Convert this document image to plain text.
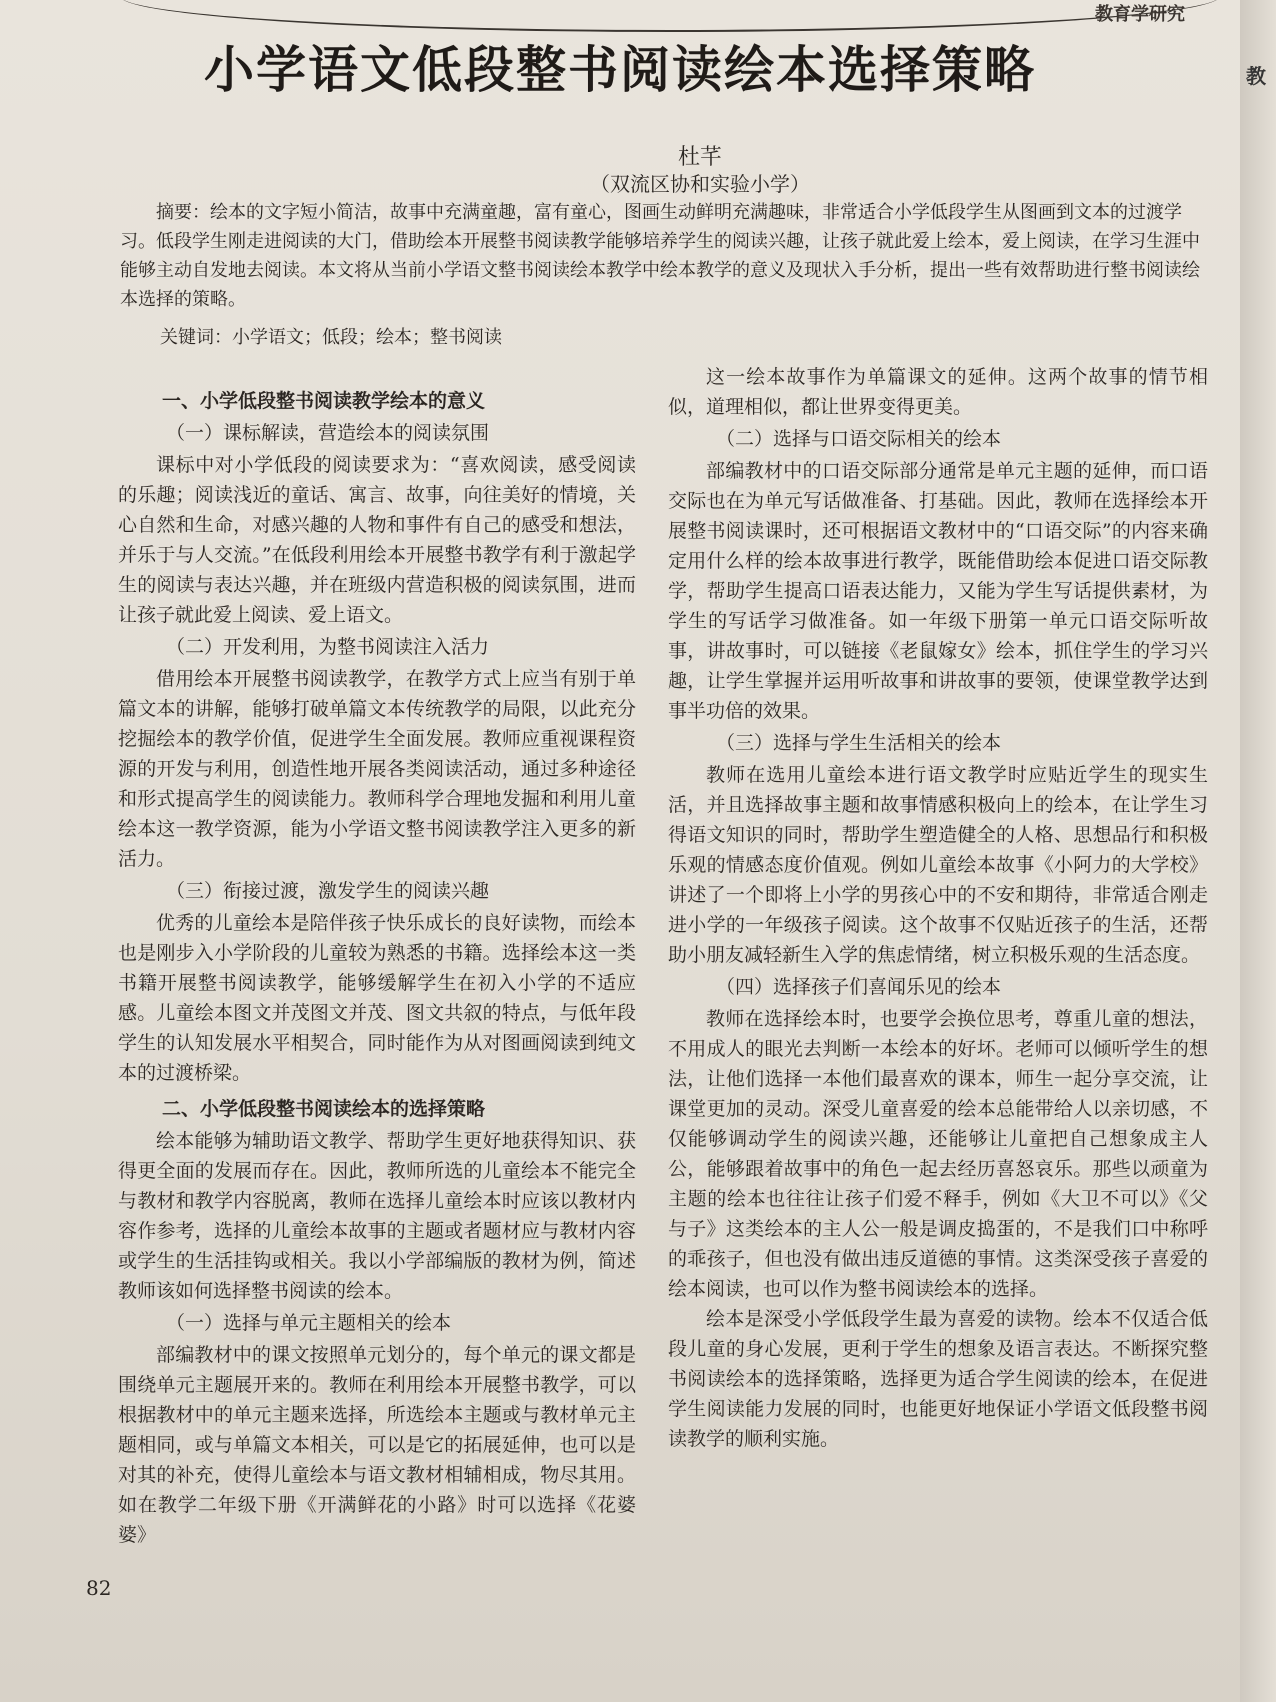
教育学研究
小学语文低段整书阅读绘本选择策略
杜芊
（双流区协和实验小学）
摘要：绘本的文字短小简洁，故事中充满童趣，富有童心，图画生动鲜明充满趣味，非常适合小学低段学生从图画到文本的过渡学习。低段学生刚走进阅读的大门，借助绘本开展整书阅读教学能够培养学生的阅读兴趣，让孩子就此爱上绘本，爱上阅读，在学习生涯中能够主动自发地去阅读。本文将从当前小学语文整书阅读绘本教学中绘本教学的意义及现状入手分析，提出一些有效帮助进行整书阅读绘本选择的策略。
关键词：小学语文；低段；绘本；整书阅读
一、小学低段整书阅读教学绘本的意义
（一）课标解读，营造绘本的阅读氛围

课标中对小学低段的阅读要求为：“喜欢阅读，感受阅读的乐趣；阅读浅近的童话、寓言、故事，向往美好的情境，关心自然和生命，对感兴趣的人物和事件有自己的感受和想法，并乐于与人交流。”在低段利用绘本开展整书教学有利于激起学生的阅读与表达兴趣，并在班级内营造积极的阅读氛围，进而让孩子就此爱上阅读、爱上语文。

（二）开发利用，为整书阅读注入活力

借用绘本开展整书阅读教学，在教学方式上应当有别于单篇文本的讲解，能够打破单篇文本传统教学的局限，以此充分挖掘绘本的教学价值，促进学生全面发展。教师应重视课程资源的开发与利用，创造性地开展各类阅读活动，通过多种途径和形式提高学生的阅读能力。教师科学合理地发掘和利用儿童绘本这一教学资源，能为小学语文整书阅读教学注入更多的新活力。

（三）衔接过渡，激发学生的阅读兴趣

优秀的儿童绘本是陪伴孩子快乐成长的良好读物，而绘本也是刚步入小学阶段的儿童较为熟悉的书籍。选择绘本这一类书籍开展整书阅读教学，能够缓解学生在初入小学的不适应感。儿童绘本图文并茂图文并茂、图文共叙的特点，与低年段学生的认知发展水平相契合，同时能作为从对图画阅读到纯文本的过渡桥梁。

二、小学低段整书阅读绘本的选择策略

绘本能够为辅助语文教学、帮助学生更好地获得知识、获得更全面的发展而存在。因此，教师所选的儿童绘本不能完全与教材和教学内容脱离，教师在选择儿童绘本时应该以教材内容作参考，选择的儿童绘本故事的主题或者题材应与教材内容或学生的生活挂钩或相关。我以小学部编版的教材为例，简述教师该如何选择整书阅读的绘本。

（一）选择与单元主题相关的绘本

部编教材中的课文按照单元划分的，每个单元的课文都是围绕单元主题展开来的。教师在利用绘本开展整书教学，可以根据教材中的单元主题来选择，所选绘本主题或与教材单元主题相同，或与单篇文本相关，可以是它的拓展延伸，也可以是对其的补充，使得儿童绘本与语文教材相辅相成，物尽其用。如在教学二年级下册《开满鲜花的小路》时可以选择《花婆婆》

这一绘本故事作为单篇课文的延伸。这两个故事的情节相似，道理相似，都让世界变得更美。

（二）选择与口语交际相关的绘本

部编教材中的口语交际部分通常是单元主题的延伸，而口语交际也在为单元写话做准备、打基础。因此，教师在选择绘本开展整书阅读课时，还可根据语文教材中的“口语交际”的内容来确定用什么样的绘本故事进行教学，既能借助绘本促进口语交际教学，帮助学生提高口语表达能力，又能为学生写话提供素材，为学生的写话学习做准备。如一年级下册第一单元口语交际听故事，讲故事时，可以链接《老鼠嫁女》绘本，抓住学生的学习兴趣，让学生掌握并运用听故事和讲故事的要领，使课堂教学达到事半功倍的效果。

（三）选择与学生生活相关的绘本

教师在选用儿童绘本进行语文教学时应贴近学生的现实生活，并且选择故事主题和故事情感积极向上的绘本，在让学生习得语文知识的同时，帮助学生塑造健全的人格、思想品行和积极乐观的情感态度价值观。例如儿童绘本故事《小阿力的大学校》讲述了一个即将上小学的男孩心中的不安和期待，非常适合刚走进小学的一年级孩子阅读。这个故事不仅贴近孩子的生活，还帮助小朋友减轻新生入学的焦虑情绪，树立积极乐观的生活态度。

（四）选择孩子们喜闻乐见的绘本

教师在选择绘本时，也要学会换位思考，尊重儿童的想法，不用成人的眼光去判断一本绘本的好坏。老师可以倾听学生的想法，让他们选择一本他们最喜欢的课本，师生一起分享交流，让课堂更加的灵动。深受儿童喜爱的绘本总能带给人以亲切感，不仅能够调动学生的阅读兴趣，还能够让儿童把自己想象成主人公，能够跟着故事中的角色一起去经历喜怒哀乐。那些以顽童为主题的绘本也往往让孩子们爱不释手，例如《大卫不可以》《父与子》这类绘本的主人公一般是调皮捣蛋的，不是我们口中称呼的乖孩子，但也没有做出违反道德的事情。这类深受孩子喜爱的绘本阅读，也可以作为整书阅读绘本的选择。

绘本是深受小学低段学生最为喜爱的读物。绘本不仅适合低段儿童的身心发展，更利于学生的想象及语言表达。不断探究整书阅读绘本的选择策略，选择更为适合学生阅读的绘本，在促进学生阅读能力发展的同时，也能更好地保证小学语文低段整书阅读教学的顺利实施。

82
教
